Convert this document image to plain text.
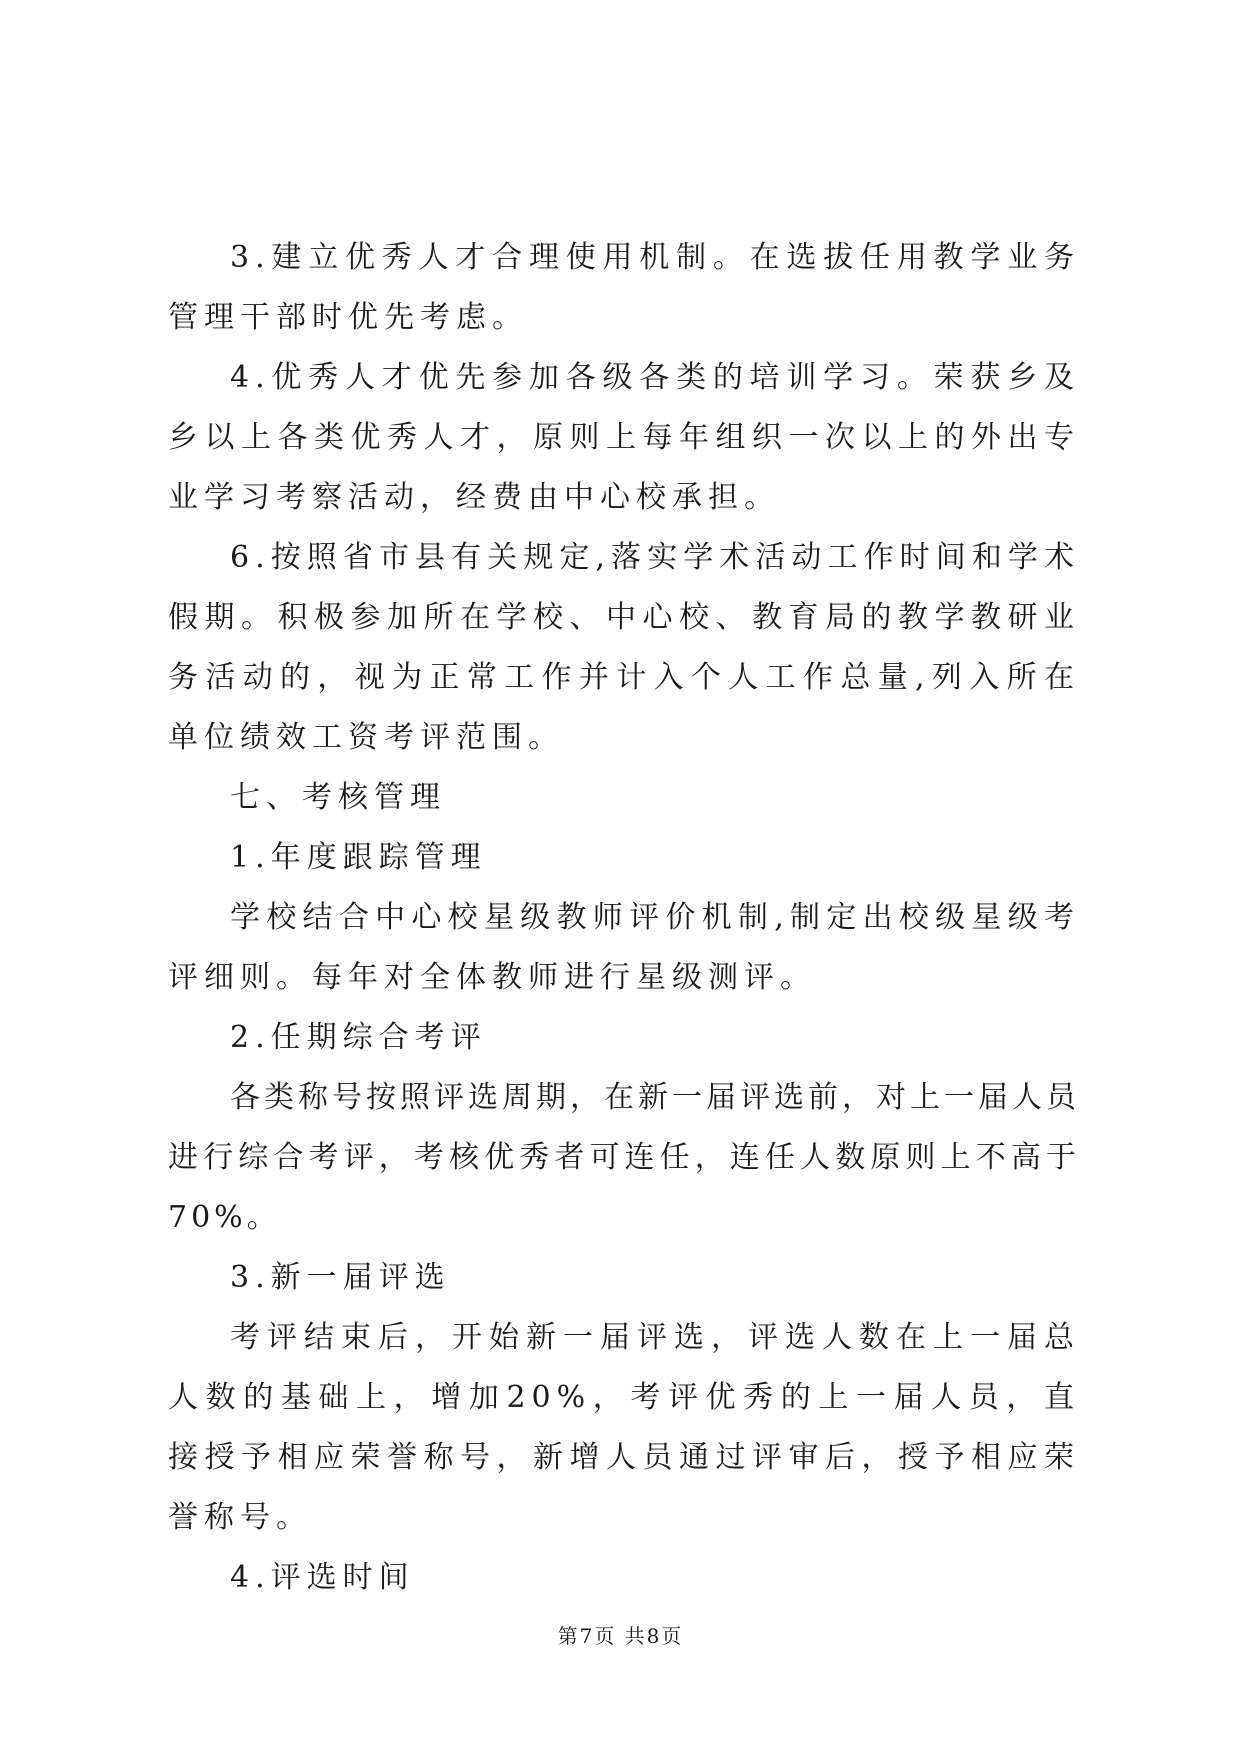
3.建立优秀人才合理使用机制。在选拔任用教学业务管理干部时优先考虑。

4.优秀人才优先参加各级各类的培训学习。荣获乡及乡以上各类优秀人才，原则上每年组织一次以上的外出专业学习考察活动，经费由中心校承担。

6.按照省市县有关规定,落实学术活动工作时间和学术假期。积极参加所在学校、中心校、教育局的教学教研业务活动的，视为正常工作并计入个人工作总量,列入所在单位绩效工资考评范围。

七、考核管理

1.年度跟踪管理

学校结合中心校星级教师评价机制,制定出校级星级考评细则。每年对全体教师进行星级测评。

2.任期综合考评

各类称号按照评选周期，在新一届评选前，对上一届人员进行综合考评，考核优秀者可连任，连任人数原则上不高于70%。

3.新一届评选

考评结束后，开始新一届评选，评选人数在上一届总人数的基础上，增加20%，考评优秀的上一届人员，直接授予相应荣誉称号，新增人员通过评审后，授予相应荣誉称号。

4.评选时间

第7页 共8页
